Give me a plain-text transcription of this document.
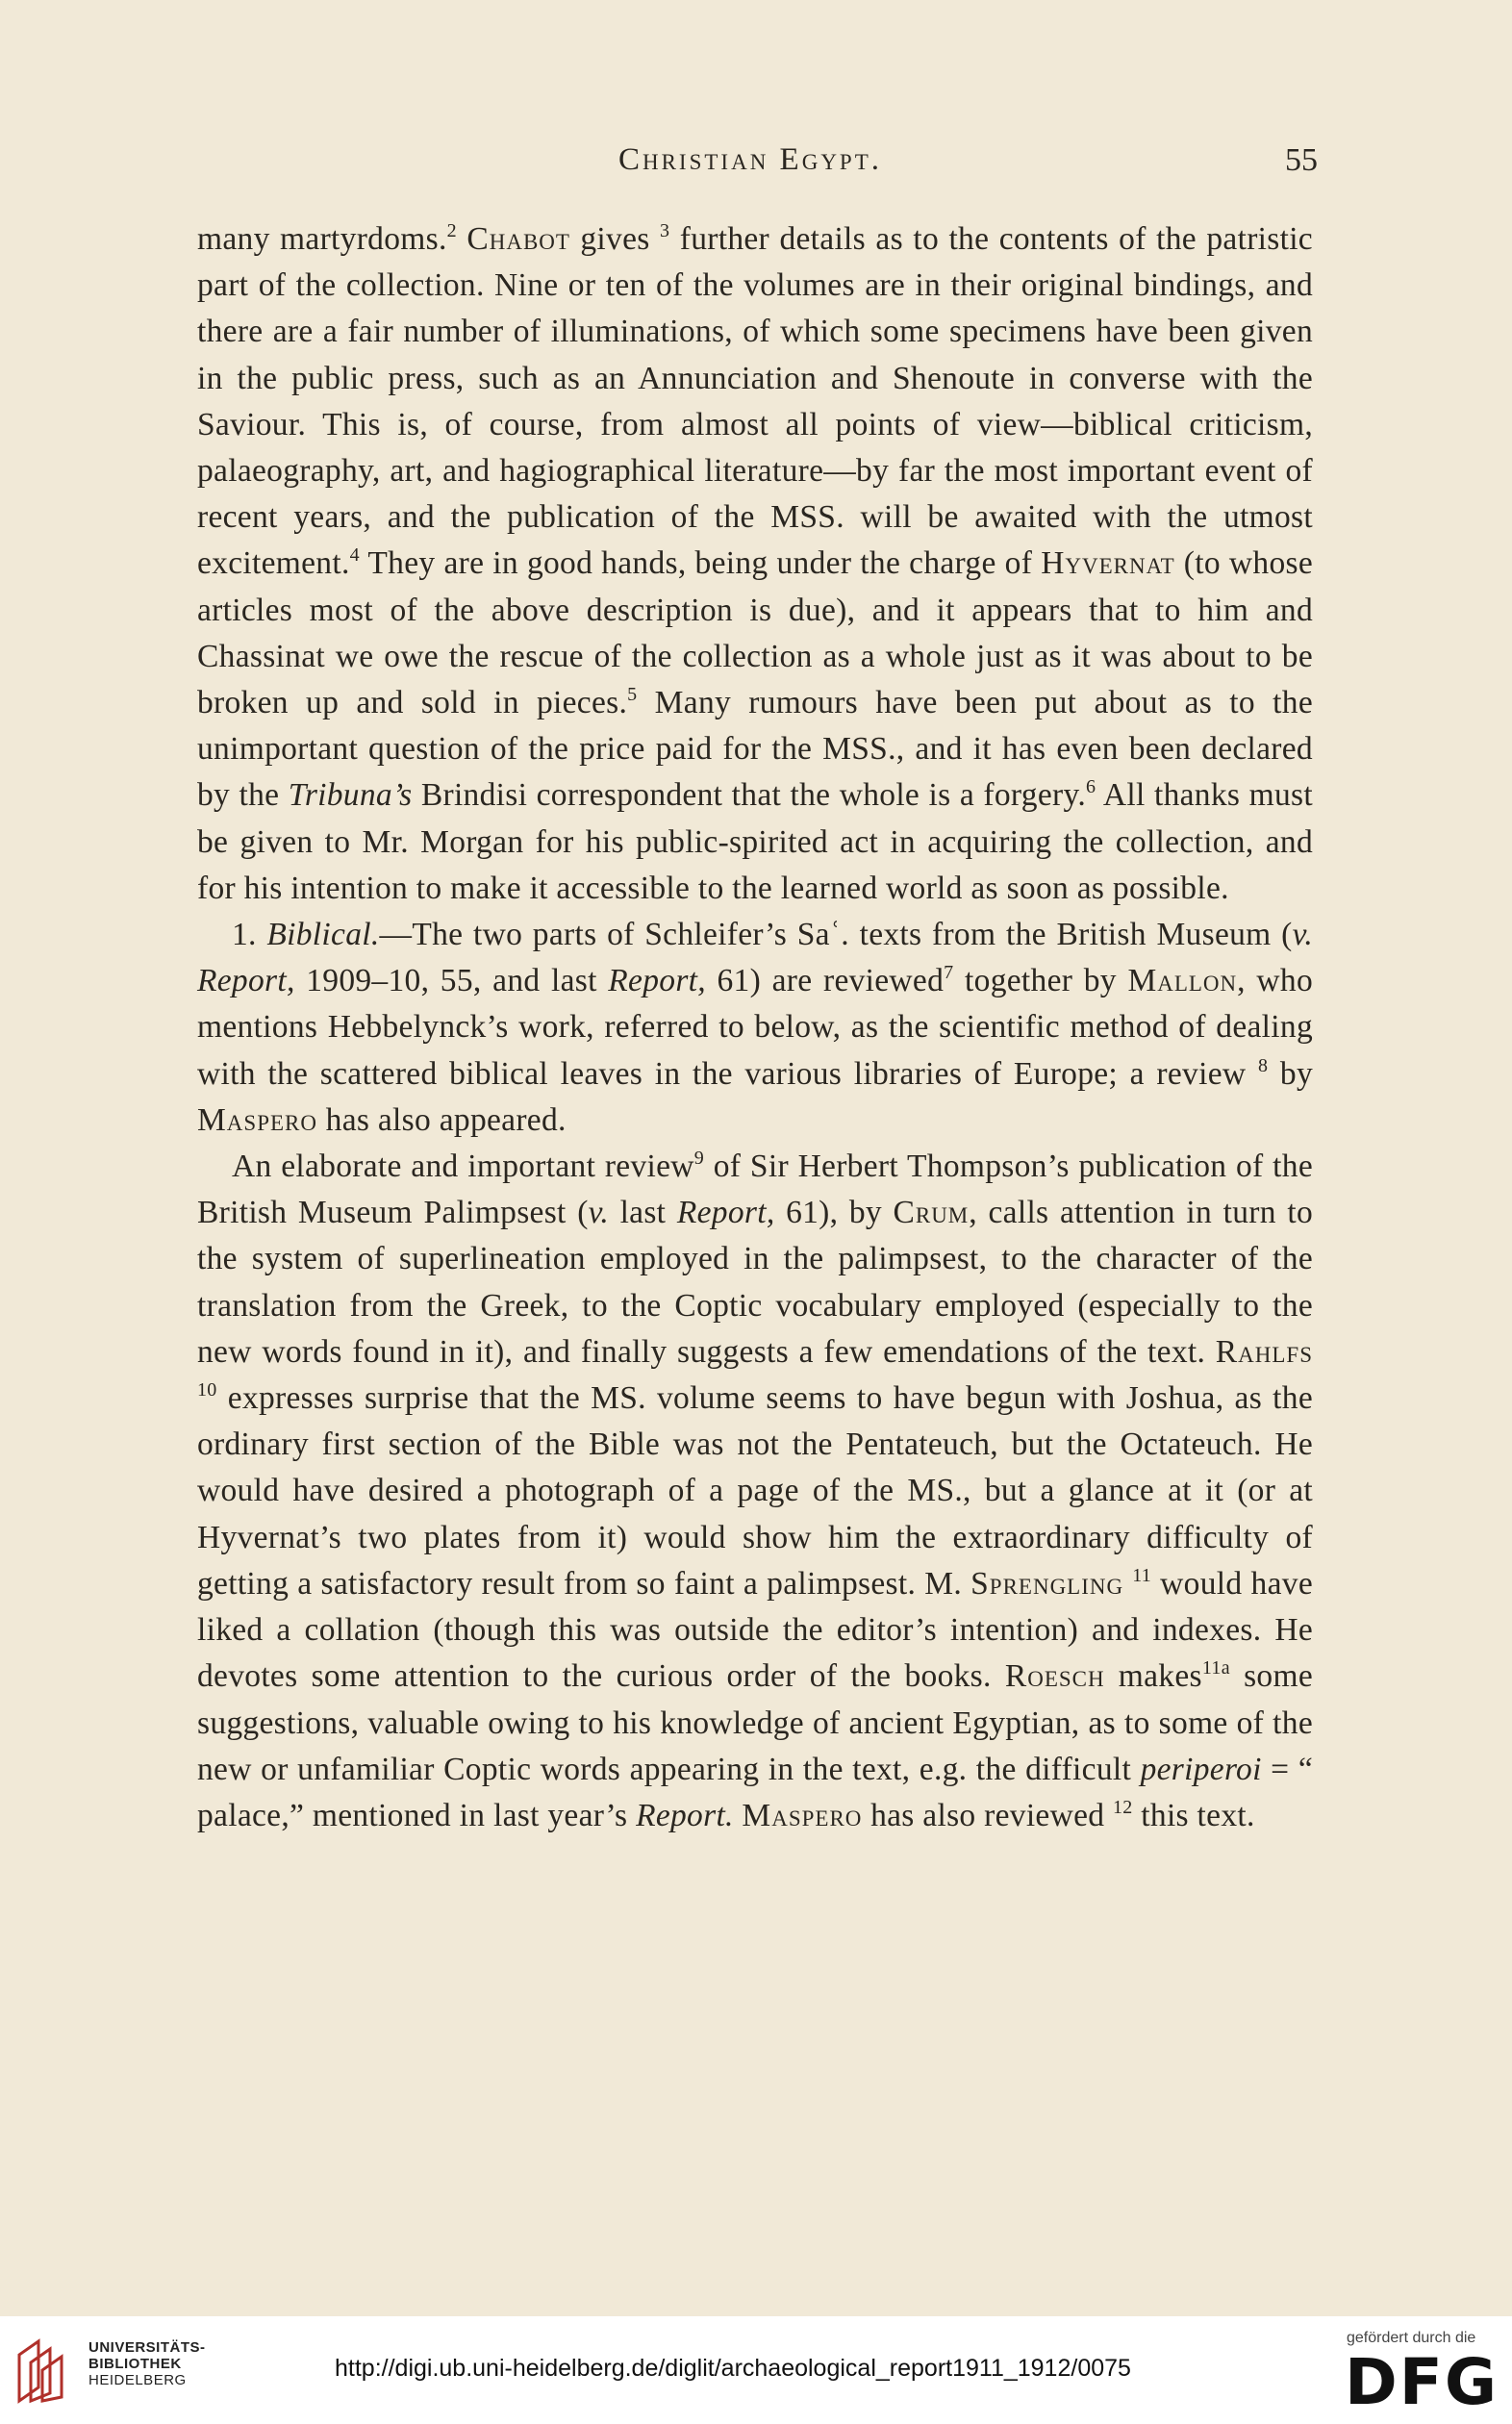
Christian Egypt.	55

many martyrdoms.$^2$ Chabot gives $^3$ further details as to the contents of the patristic part of the collection. Nine or ten of the volumes are in their original bindings, and there are a fair number of illuminations, of which some specimens have been given in the public press, such as an Annunciation and Shenoute in converse with the Saviour. This is, of course, from almost all points of view—biblical criticism, palaeography, art, and hagiographical literature—by far the most important event of recent years, and the publication of the MSS. will be awaited with the utmost excitement.$^4$ They are in good hands, being under the charge of Hyvernat (to whose articles most of the above description is due), and it appears that to him and Chassinat we owe the rescue of the collection as a whole just as it was about to be broken up and sold in pieces.$^5$ Many rumours have been put about as to the unimportant question of the price paid for the MSS., and it has even been declared by the Tribuna’s Brindisi correspondent that the whole is a forgery.$^6$ All thanks must be given to Mr. Morgan for his public-spirited act in acquiring the collection, and for his intention to make it accessible to the learned world as soon as possible.

1. Biblical.—The two parts of Schleifer’s Saʿ. texts from the British Museum (v. Report, 1909–10, 55, and last Report, 61) are reviewed$^7$ together by Mallon, who mentions Hebbelynck’s work, referred to below, as the scientific method of dealing with the scattered biblical leaves in the various libraries of Europe; a review $^8$ by Maspero has also appeared.

An elaborate and important review$^9$ of Sir Herbert Thompson’s publication of the British Museum Palimpsest (v. last Report, 61), by Crum, calls attention in turn to the system of superlineation employed in the palimpsest, to the character of the translation from the Greek, to the Coptic vocabulary employed (especially to the new words found in it), and finally suggests a few emendations of the text. Rahlfs $^{10}$ expresses surprise that the MS. volume seems to have begun with Joshua, as the ordinary first section of the Bible was not the Pentateuch, but the Octateuch. He would have desired a photograph of a page of the MS., but a glance at it (or at Hyvernat’s two plates from it) would show him the extraordinary difficulty of getting a satisfactory result from so faint a palimpsest. M. Sprengling $^{11}$ would have liked a collation (though this was outside the editor’s intention) and indexes. He devotes some attention to the curious order of the books. Roesch makes$^{11a}$ some suggestions, valuable owing to his knowledge of ancient Egyptian, as to some of the new or unfamiliar Coptic words appearing in the text, e.g. the difficult periperoi = “ palace,” mentioned in last year’s Report. Maspero has also reviewed $^{12}$ this text.

UNIVERSITÄTS-
BIBLIOTHEK
HEIDELBERG	http://digi.ub.uni-heidelberg.de/diglit/archaeological_report1911_1912/0075
gefördert durch die
DFG
